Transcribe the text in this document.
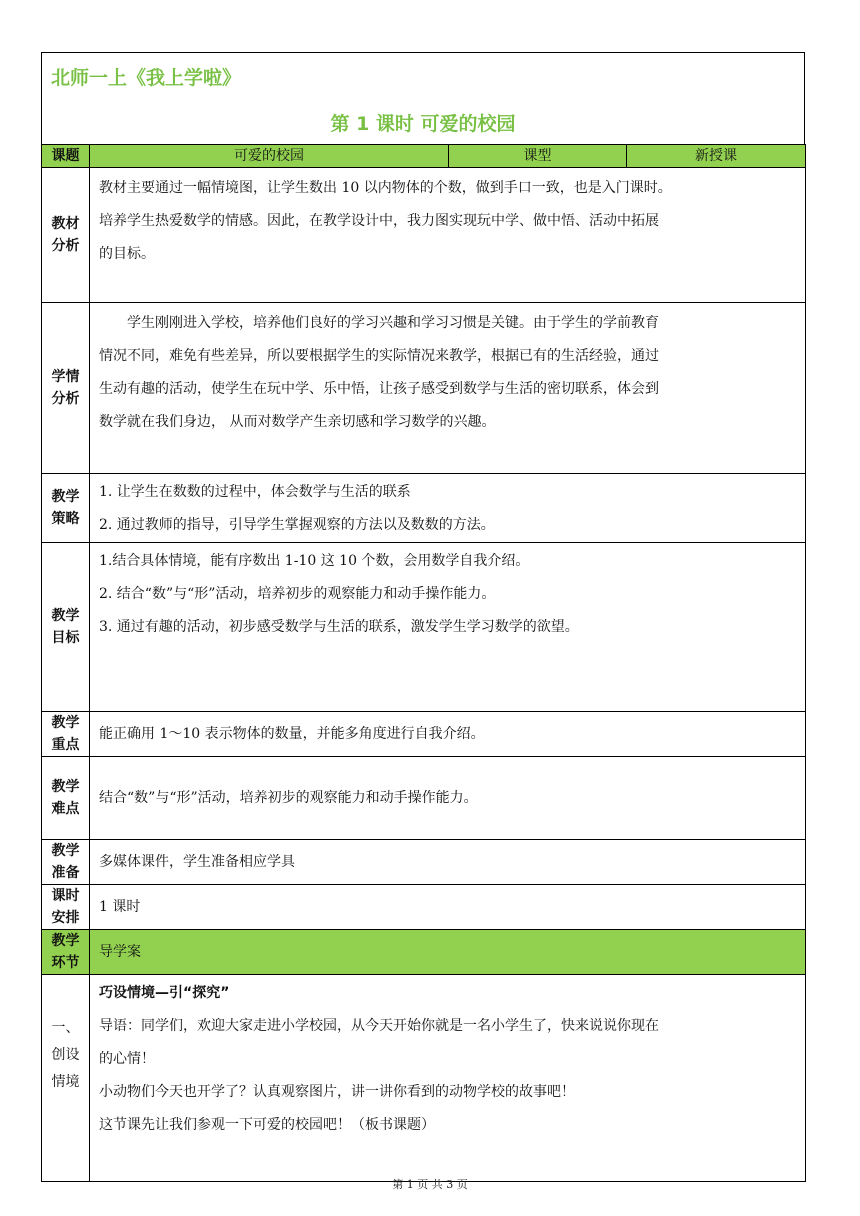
北师一上《我上学啦》
第 1 课时 可爱的校园
课题	可爱的校园	课型	新授课
教材
分析	教材主要通过一幅情境图，让学生数出 10 以内物体的个数，做到手口一致，也是入门课时。
培养学生热爱数学的情感。因此，在教学设计中，我力图实现玩中学、做中悟、活动中拓展
的目标。		

学情
分析	学生刚刚进入学校，培养他们良好的学习兴趣和学习习惯是关键。由于学生的学前教育
情况不同，难免有些差异，所以要根据学生的实际情况来教学，根据已有的生活经验，通过
生动有趣的活动，使学生在玩中学、乐中悟，让孩子感受到数学与生活的密切联系，体会到
数学就在我们身边， 从而对数学产生亲切感和学习数学的兴趣。		

教学
策略	1. 让学生在数数的过程中，体会数学与生活的联系
2. 通过教师的指导，引导学生掌握观察的方法以及数数的方法。		

教学
目标	1.结合具体情境，能有序数出 1-10 这 10 个数，会用数学自我介绍。
2. 结合“数”与“形”活动，培养初步的观察能力和动手操作能力。
3. 通过有趣的活动，初步感受数学与生活的联系，激发学生学习数学的欲望。		

教学
重点	能正确用 1～10 表示物体的数量，并能多角度进行自我介绍。		

教学
难点	结合“数”与“形”活动，培养初步的观察能力和动手操作能力。		

教学
准备	多媒体课件，学生准备相应学具		

课时
安排	1 课时		

教学
环节	导学案		

一、
创设
情境	巧设情境—引“探究”
导语：同学们，欢迎大家走进小学校园，从今天开始你就是一名小学生了，快来说说你现在
的心情！
小动物们今天也开学了？认真观察图片，讲一讲你看到的动物学校的故事吧！
这节课先让我们参观一下可爱的校园吧！（板书课题）		
第 1 页 共 3 页
